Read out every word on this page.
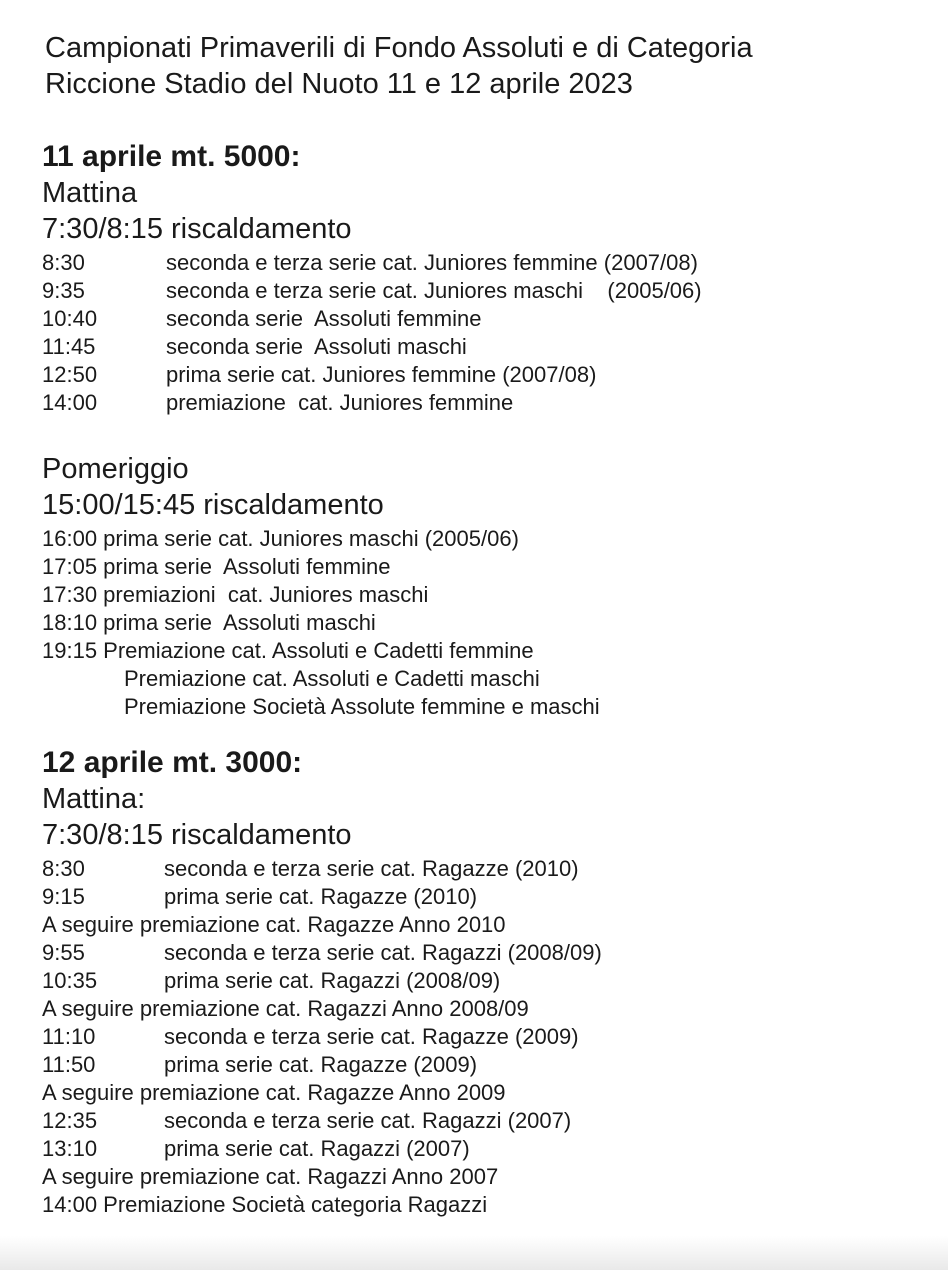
Campionati Primaverili di Fondo Assoluti e di Categoria
Riccione Stadio del Nuoto 11 e 12 aprile 2023
11 aprile mt. 5000:
Mattina
7:30/8:15 riscaldamento
8:30	seconda e terza serie cat. Juniores femmine (2007/08)
9:35	seconda e terza serie cat. Juniores maschi    (2005/06)
10:40	seconda serie  Assoluti femmine
11:45	seconda serie  Assoluti maschi
12:50	prima serie cat. Juniores femmine (2007/08)
14:00	premiazione  cat. Juniores femmine
Pomeriggio
15:00/15:45 riscaldamento
16:00 prima serie cat. Juniores maschi (2005/06)
17:05 prima serie  Assoluti femmine
17:30 premiazioni  cat. Juniores maschi
18:10 prima serie  Assoluti maschi
19:15 Premiazione cat. Assoluti e Cadetti femmine
Premiazione cat. Assoluti e Cadetti maschi
Premiazione Società Assolute femmine e maschi
12 aprile mt. 3000:
Mattina:
7:30/8:15 riscaldamento
8:30	seconda e terza serie cat. Ragazze (2010)
9:15	prima serie cat. Ragazze (2010)
A seguire premiazione cat. Ragazze Anno 2010
9:55	seconda e terza serie cat. Ragazzi (2008/09)
10:35	prima serie cat. Ragazzi (2008/09)
A seguire premiazione cat. Ragazzi Anno 2008/09
11:10	seconda e terza serie cat. Ragazze (2009)
11:50	prima serie cat. Ragazze (2009)
A seguire premiazione cat. Ragazze Anno 2009
12:35	seconda e terza serie cat. Ragazzi (2007)
13:10	prima serie cat. Ragazzi (2007)
A seguire premiazione cat. Ragazzi Anno 2007
14:00 Premiazione Società categoria Ragazzi
